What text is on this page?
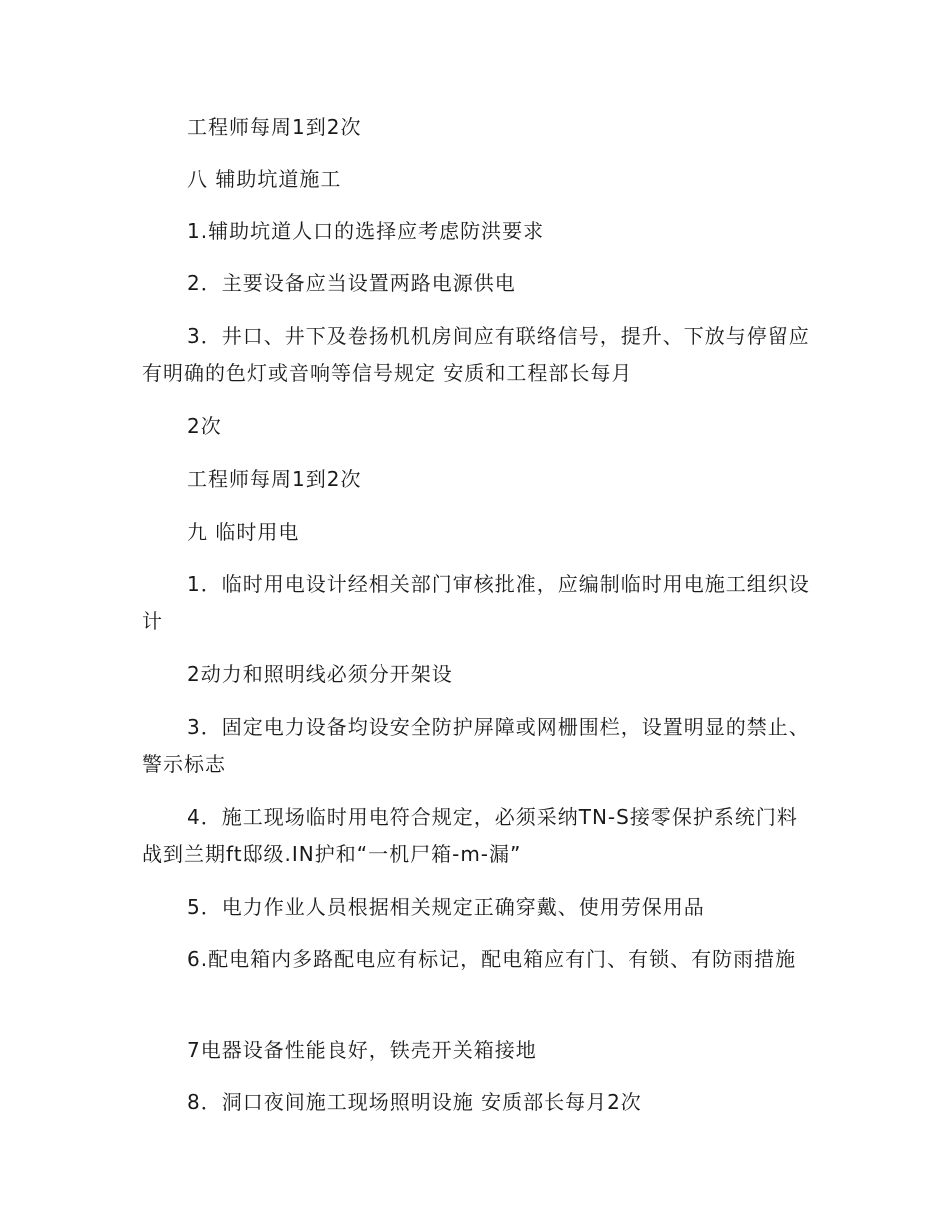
工程师每周1到2次

八 辅助坑道施工

1.辅助坑道人口的选择应考虑防洪要求

2．主要设备应当设置两路电源供电

3．井口、井下及卷扬机机房间应有联络信号，提升、下放与停留应有明确的色灯或音响等信号规定 安质和工程部长每月

2次

工程师每周1到2次

九 临时用电

1．临时用电设计经相关部门审核批准，应编制临时用电施工组织设计

2动力和照明线必须分开架设

3．固定电力设备均设安全防护屏障或网栅围栏，设置明显的禁止、警示标志

4．施工现场临时用电符合规定，必须采纳TN-S接零保护系统门料战到兰期ft邸级.IN护和“一机尸箱-m-漏”

5．电力作业人员根据相关规定正确穿戴、使用劳保用品

6.配电箱内多路配电应有标记，配电箱应有门、有锁、有防雨措施

7电器设备性能良好，铁壳开关箱接地

8．洞口夜间施工现场照明设施 安质部长每月2次
